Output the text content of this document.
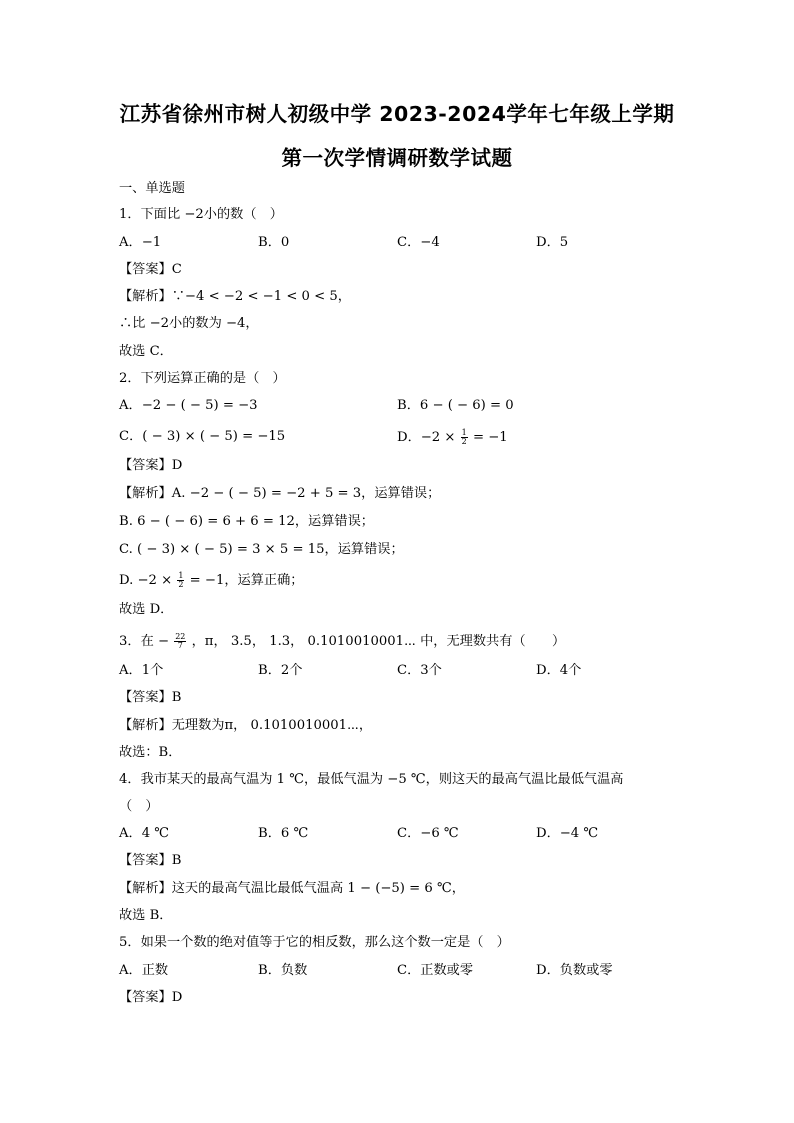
江苏省徐州市树人初级中学 2023-2024学年七年级上学期
第一次学情调研数学试题
一、单选题
1．下面比 −2小的数（　）
A．−1	B．0	C．−4	D．5
【答案】C
【解析】∵−4 < −2 < −1 < 0 < 5，
∴比 −2小的数为 −4，
故选 C．
2．下列运算正确的是（　）
A．−2 − ( − 5) = −3	B．6 − ( − 6) = 0
C．( − 3) × ( − 5) = −15	D．$-2 \times \frac{1}{2} = -1$
【答案】D
【解析】A. −2 − ( − 5) = −2 + 5 = 3，运算错误；
B. 6 − ( − 6) = 6 + 6 = 12，运算错误；
C. ( − 3) × ( − 5) = 3 × 5 = 15，运算错误；
D. $-2 \times \frac{1}{2} = -1$，运算正确；
故选 D．
3．在 − $\frac{22}{7}$ ，π， 3.5， 1.3， 0.1010010001⋯ 中，无理数共有（　　）
A．1个	B．2个	C．3个	D．4个
【答案】B
【解析】无理数为π， 0.1010010001⋯，
故选：B．
4．我市某天的最高气温为 1 ℃，最低气温为 −5 ℃，则这天的最高气温比最低气温高
（　）
A．4 ℃	B．6 ℃	C．−6 ℃	D．−4 ℃
【答案】B
【解析】这天的最高气温比最低气温高 1 − (−5) = 6 ℃，
故选 B．
5．如果一个数的绝对值等于它的相反数，那么这个数一定是（　）
A．正数	B．负数	C．正数或零	D．负数或零
【答案】D
